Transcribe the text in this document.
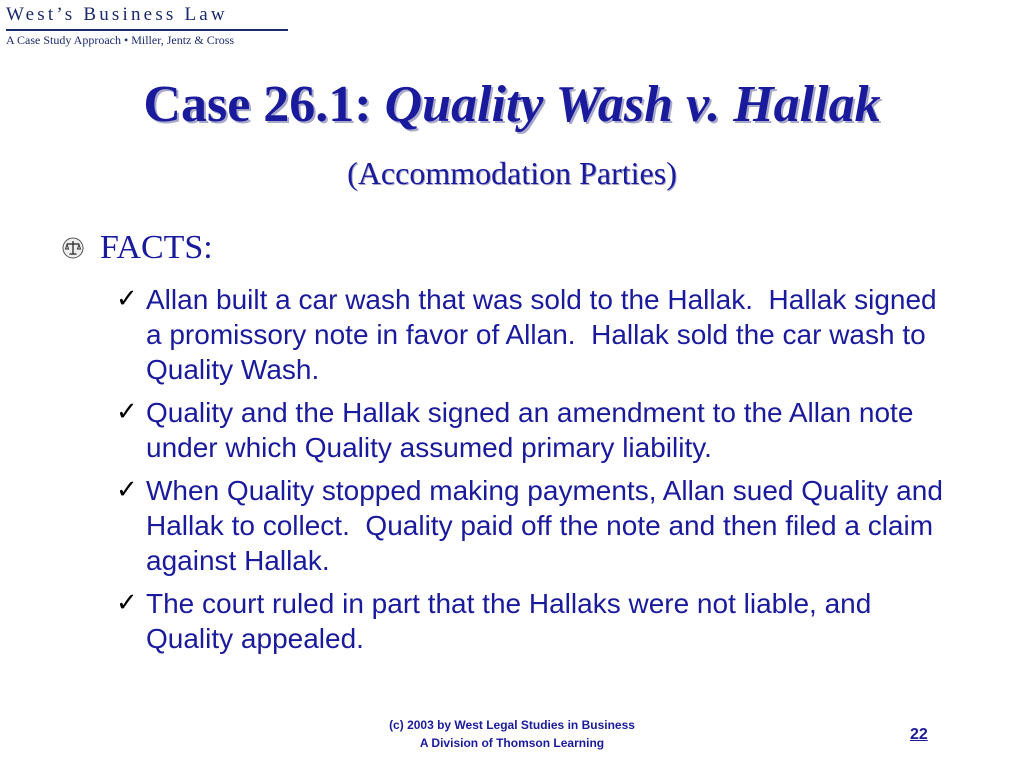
West’s Business Law
A Case Study Approach • Miller, Jentz & Cross
Case 26.1: Quality Wash v. Hallak
(Accommodation Parties)
FACTS:
✓ Allan built a car wash that was sold to the Hallak.  Hallak signed a promissory note in favor of Allan.  Hallak sold the car wash to Quality Wash.
✓ Quality and the Hallak signed an amendment to the Allan note under which Quality assumed primary liability.
✓ When Quality stopped making payments, Allan sued Quality and Hallak to collect.  Quality paid off the note and then filed a claim against Hallak.
✓ The court ruled in part that the Hallaks were not liable, and Quality appealed.
(c) 2003 by West Legal Studies in Business
A Division of Thomson Learning	22
